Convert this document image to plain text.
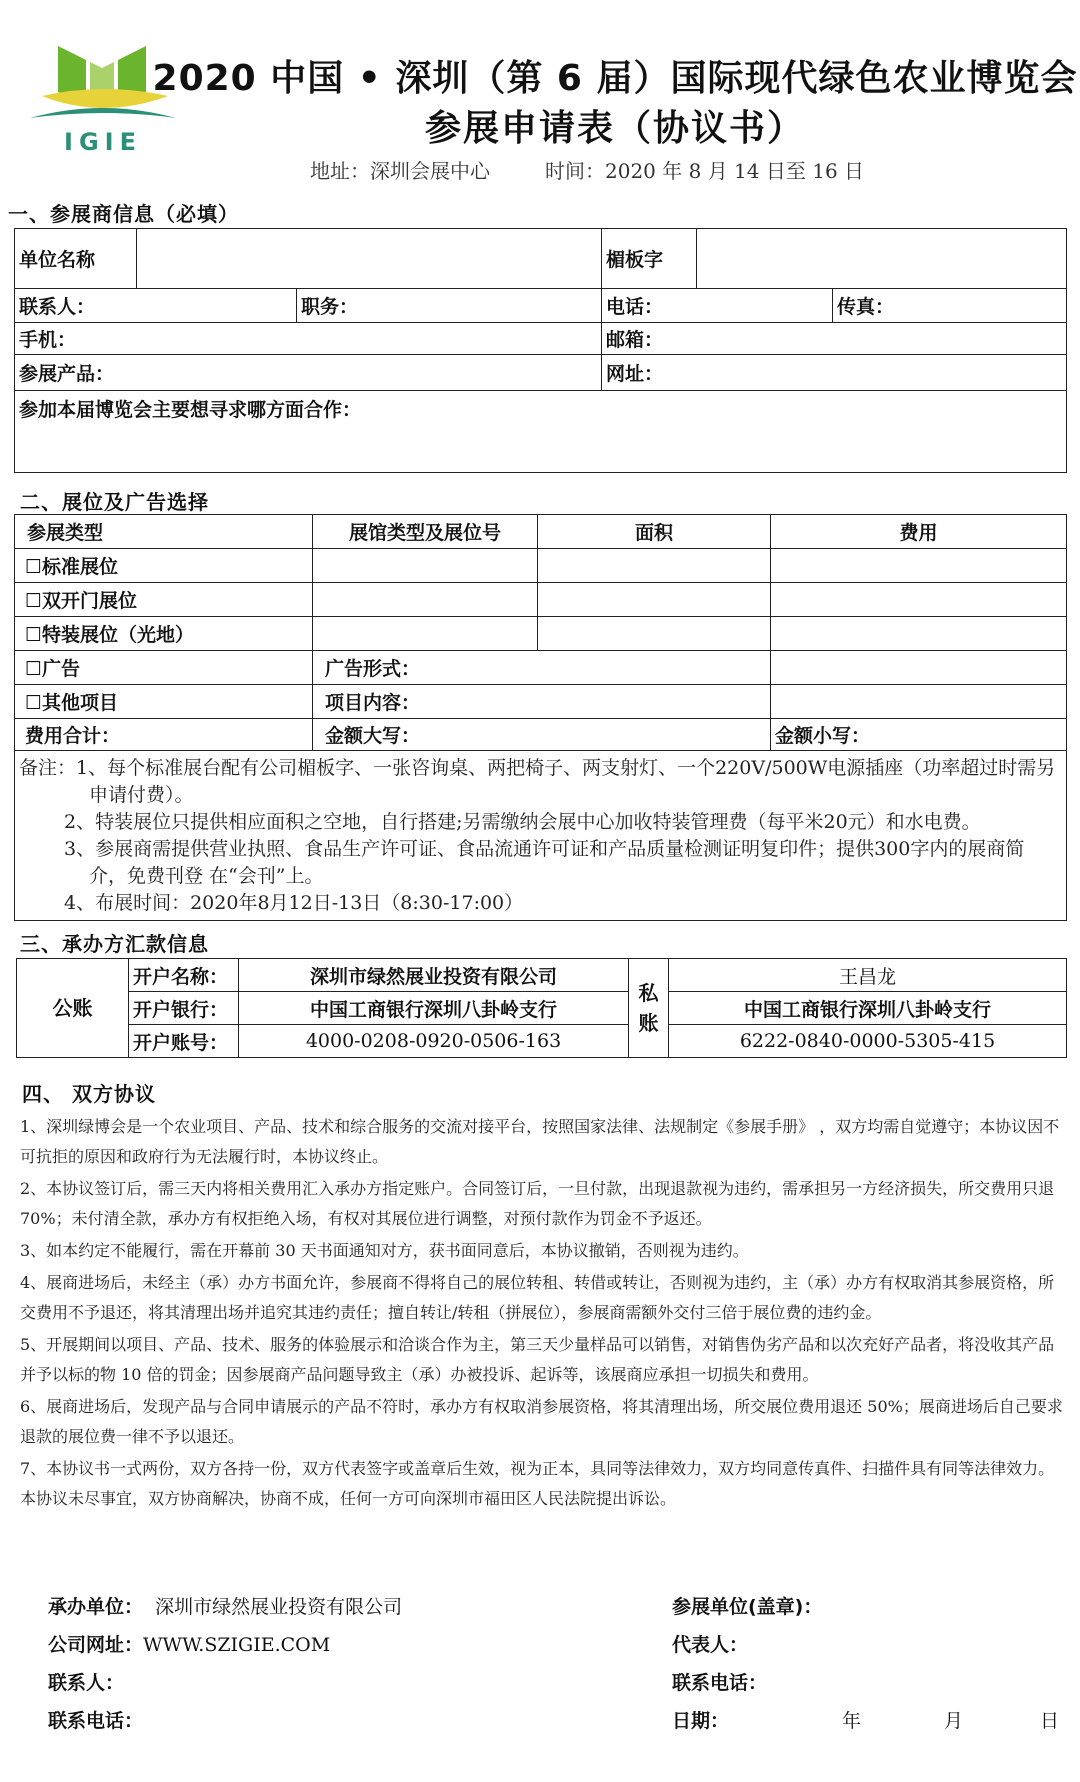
IGIE
2020 中国 • 深圳（第 6 届）国际现代绿色农业博览会
参展申请表（协议书）
地址：深圳会展中心	时间：2020 年 8 月 14 日至 16 日
一、参展商信息（必填）
单位名称			楣板字		
联系人：		职务：	电话：		传真：
手机：			邮箱：		
参展产品：			网址：		
参加本届博览会主要想寻求哪方面合作：					
二、展位及广告选择
参展类型	展馆类型及展位号	面积	费用
☐标准展位			
☐双开门展位			
☐特装展位（光地）			
☐广告	广告形式：		
☐其他项目	项目内容：		
费用合计：	金额大写：		金额小写：

备注：1、每个标准展台配有公司楣板字、一张咨询桌、两把椅子、两支射灯、一个220V/500W电源插座（功率超过时需另申请付费）。
2、特装展位只提供相应面积之空地，自行搭建;另需缴纳会展中心加收特装管理费（每平米20元）和水电费。
3、参展商需提供营业执照、食品生产许可证、食品流通许可证和产品质量检测证明复印件；提供300字内的展商简介，免费刊登 在“会刊”上。
4、布展时间：2020年8月12日-13日（8:30-17:00）			
三、承办方汇款信息
公账	开户名称：	深圳市绿然展业投资有限公司	私账	王昌龙
	开户银行：	中国工商银行深圳八卦岭支行		中国工商银行深圳八卦岭支行
	开户账号：	4000-0208-0920-0506-163		6222-0840-0000-5305-415
四、 双方协议

1、深圳绿博会是一个农业项目、产品、技术和综合服务的交流对接平台，按照国家法律、法规制定《参展手册》 ，双方均需自觉遵守；本协议因不可抗拒的原因和政府行为无法履行时，本协议终止。

2、本协议签订后，需三天内将相关费用汇入承办方指定账户。合同签订后，一旦付款，出现退款视为违约，需承担另一方经济损失，所交费用只退 70%；未付清全款，承办方有权拒绝入场，有权对其展位进行调整，对预付款作为罚金不予返还。

3、如本约定不能履行，需在开幕前 30 天书面通知对方，获书面同意后，本协议撤销，否则视为违约。

4、展商进场后，未经主（承）办方书面允许，参展商不得将自己的展位转租、转借或转让，否则视为违约，主（承）办方有权取消其参展资格，所交费用不予退还，将其清理出场并追究其违约责任；擅自转让/转租（拼展位），参展商需额外交付三倍于展位费的违约金。

5、开展期间以项目、产品、技术、服务的体验展示和洽谈合作为主，第三天少量样品可以销售，对销售伪劣产品和以次充好产品者，将没收其产品并予以标的物 10 倍的罚金；因参展商产品问题导致主（承）办被投诉、起诉等，该展商应承担一切损失和费用。

6、展商进场后，发现产品与合同申请展示的产品不符时，承办方有权取消参展资格，将其清理出场，所交展位费用退还 50%；展商进场后自己要求退款的展位费一律不予以退还。

7、本协议书一式两份，双方各持一份，双方代表签字或盖章后生效，视为正本，具同等法律效力，双方均同意传真件、扫描件具有同等法律效力。本协议未尽事宜，双方协商解决，协商不成，任何一方可向深圳市福田区人民法院提出诉讼。

承办单位： 深圳市绿然展业投资有限公司
公司网址：WWW.SZIGIE.COM
联系人：
联系电话：
参展单位(盖章)：
代表人：
联系电话：
日期：	年	月	日
